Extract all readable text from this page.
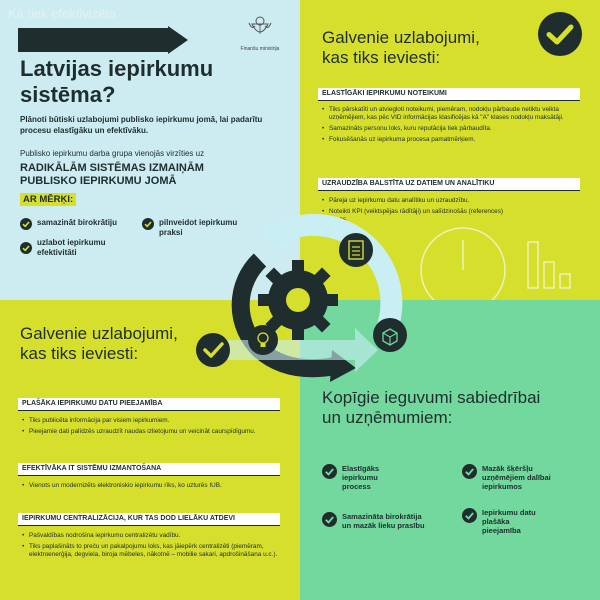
Kā tiek efektivizēta
Finanšu ministrija
Latvijas iepirkumu
sistēma?
Plānoti būtiski uzlabojumi publisko iepirkumu jomā, lai padarītu procesu elastīgāku un efektīvāku.
Publisko iepirkumu darba grupa vienojās virzīties uz
RADIKĀLĀM SISTĒMAS IZMAIŅĀM
PUBLISKO IEPIRKUMU JOMĀ
AR MĒRĶI:
samazināt birokrātiju	pilnveidot iepirkumu praksi
uzlabot iepirkumu efektivitāti
Galvenie uzlabojumi,
kas tiks ieviesti:
ELASTĪGĀKI IEPIRKUMU NOTEIKUMI
• Tiks pārskatīti un atviegloti noteikumi, piemēram, nodokļu pārbaude netiktu veikta uzņēmējiem, kas pēc VID informācijas klasificējas kā "A" klases nodokļu maksātāji.
• Samazināts personu loks, kuru reputācija tiek pārbaudīta.
• Fokusēšanās uz iepirkuma procesa pamatmērķiem.
UZRAUDZĪBA BALSTĪTA UZ DATIEM UN ANALĪTIKU
• Pāreja uz iepirkumu datu analītiku un uzraudzību.
• Noteikti KPI (veiktspējas rādītāji) un salīdzinošās (references) cenas.
Galvenie uzlabojumi,
kas tiks ieviesti:
PLAŠĀKA IEPIRKUMU DATU PIEEJAMĪBA
• Tiks publicēta informācija par visiem iepirkumiem.
• Pieejamie dati palīdzēs uzraudzīt naudas izlietojumu un veicināt caurspīdīgumu.
EFEKTĪVĀKA IT SISTĒMU IZMANTOŠANA
• Vienots un modernizēts elektroniskio iepirkumu rīks, ko uzturēs IUB.
IEPIRKUMU CENTRALIZĀCIJA, KUR TAS DOD LIELĀKU ATDEVI
• Pašvaldības nodrošina iepirkumu centralizētu vadību.
• Tiks paplašināts to preču un pakalpojumu loks, kas jāiepērk centralizēti (piemēram, elektroenerģija, degviela, biroja mēbeles, nākotnē – mobilie sakari, apdrošināšana u.c.).
Kopīgie ieguvumi sabiedrībai
un uzņēmumiem:
Elastīgāks iepirkumu process
Mazāk šķēršļu uzņēmējiem dalībai iepirkumos
Samazināta birokrātija un mazāk lieku prasību
Iepirkumu datu plašāka pieejamība
